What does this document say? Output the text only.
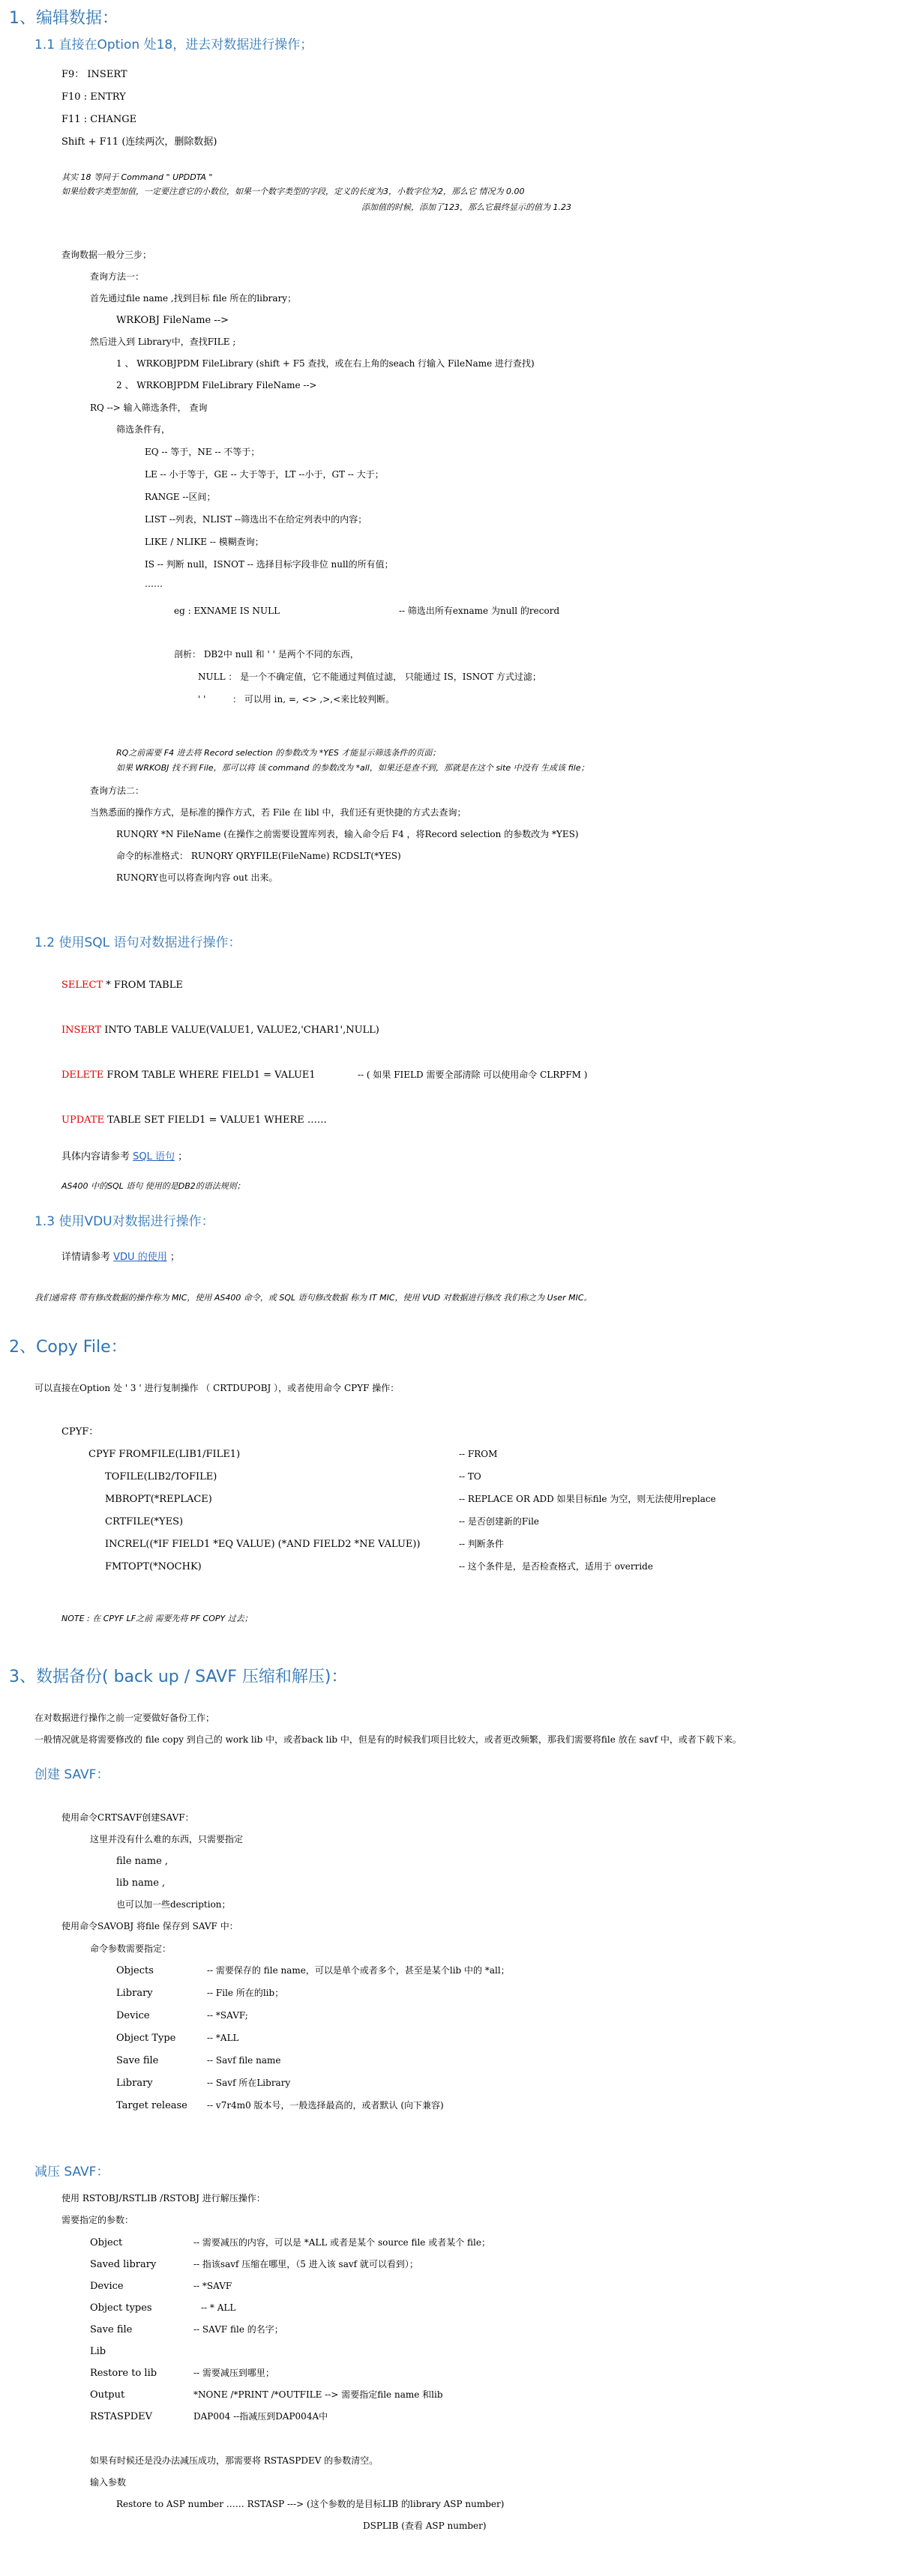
1、编辑数据：
1.1 直接在Option 处18，进去对数据进行操作；
F9： INSERT
F10 : ENTRY
F11 : CHANGE
Shift + F11 (连续两次，删除数据)
其实 18 等同于 Command " UPDDTA "
如果给数字类型加值，一定要注意它的小数位，如果一个数字类型的字段，定义的长度为3，小数字位为2，那么它 情况为 0.00
添加值的时候，添加了123，那么它最终显示的值为 1.23
查询数据一般分三步；
查询方法一：
首先通过file name ,找到目标 file 所在的library；
WRKOBJ FileName -->
然后进入到 Library中，查找FILE ;
1 、 WRKOBJPDM FileLibrary (shift + F5 查找，或在右上角的seach 行输入 FileName 进行查找)
2 、 WRKOBJPDM FileLibrary FileName -->
RQ --> 输入筛选条件， 查询
筛选条件有，
EQ -- 等于，NE -- 不等于；
LE -- 小于等于，GE -- 大于等于，LT --小于，GT -- 大于；
RANGE --区间；
LIST --列表，NLIST --筛选出不在给定列表中的内容；
LIKE / NLIKE -- 模糊查询；
IS -- 判断 null，ISNOT -- 选择目标字段非位 null的所有值；
……
eg : EXNAME IS NULL	-- 筛选出所有exname 为null 的record
剖析： DB2中 null 和 ' ' 是两个不同的东西，
NULL ： 是一个不确定值，它不能通过判值过滤， 只能通过 IS，ISNOT 方式过滤；
' '	： 可以用 in, =, <> ,>,<来比较判断。
RQ之前需要 F4 进去将 Record selection 的参数改为 *YES 才能显示筛选条件的页面；
如果 WRKOBJ 找不到 File，那可以将 该 command 的参数改为 *all，如果还是查不到，那就是在这个 site 中没有 生成该 file；
查询方法二：
当熟悉面的操作方式，是标准的操作方式，若 File 在 libl 中，我们还有更快捷的方式去查询；
RUNQRY *N FileName (在操作之前需要设置库列表，输入命令后 F4 ，将Record selection 的参数改为 *YES)
命令的标准格式： RUNQRY QRYFILE(FileName) RCDSLT(*YES)
RUNQRY也可以将查询内容 out 出来。
1.2 使用SQL 语句对数据进行操作：
SELECT * FROM TABLE
INSERT INTO TABLE VALUE(VALUE1, VALUE2,'CHAR1',NULL)
DELETE FROM TABLE WHERE FIELD1 = VALUE1	-- ( 如果 FIELD 需要全部清除 可以使用命令 CLRPFM )
UPDATE TABLE SET FIELD1 = VALUE1 WHERE ……
具体内容请参考 SQL 语句 ；
AS400 中的SQL 语句 使用的是DB2的语法规则；
1.3 使用VDU对数据进行操作：
详情请参考 VDU 的使用 ；
我们通常将 带有修改数据的操作称为 MIC，使用 AS400 命令，或 SQL 语句修改数据 称为 IT MIC，使用 VUD 对数据进行修改 我们称之为 User MIC。
2、Copy File：
可以直接在Option 处 ' 3 ' 进行复制操作 （ CRTDUPOBJ ），或者使用命令 CPYF 操作：
CPYF：
CPYF FROMFILE(LIB1/FILE1)	-- FROM
TOFILE(LIB2/TOFILE)	-- TO
MBROPT(*REPLACE)	-- REPLACE OR ADD 如果目标file 为空，则无法使用replace
CRTFILE(*YES)	-- 是否创建新的File
INCREL((*IF FIELD1 *EQ VALUE) (*AND FIELD2 *NE VALUE))	-- 判断条件
FMTOPT(*NOCHK)	-- 这个条件是，是否检查格式，适用于 override
NOTE : 在 CPYF LF之前 需要先将 PF COPY 过去；
3、数据备份( back up / SAVF 压缩和解压)：
在对数据进行操作之前一定要做好备份工作；
一般情况就是将需要修改的 file copy 到自己的 work lib 中，或者back lib 中，但是有的时候我们项目比较大，或者更改频繁，那我们需要将file 放在 savf 中，或者下载下来。
创建 SAVF：
使用命令CRTSAVF创建SAVF：
这里并没有什么难的东西，只需要指定
file name ,
lib name ,
也可以加一些description；
使用命令SAVOBJ 将file 保存到 SAVF 中：
命令参数需要指定：
Objects	-- 需要保存的 file name，可以是单个或者多个，甚至是某个lib 中的 *all；
Library	-- File 所在的lib；
Device	-- *SAVF;
Object Type	-- *ALL
Save file	-- Savf file name
Library	-- Savf 所在Library
Target release -- v7r4m0 版本号，一般选择最高的，或者默认 (向下兼容)
减压 SAVF：
使用 RSTOBJ/RSTLIB /RSTOBJ 进行解压操作：
需要指定的参数：
Object	-- 需要减压的内容，可以是 *ALL 或者是某个 source file 或者某个 file；
Saved library	-- 指该savf 压缩在哪里，（5 进入该 savf 就可以看到）；
Device	-- *SAVF
Object types	-- * ALL
Save file	-- SAVF file 的名字；
Lib
Restore to lib	-- 需要减压到哪里；
Output	*NONE /*PRINT /*OUTFILE --> 需要指定file name 和lib
RSTASPDEV	DAP004 --指减压到DAP004A中
如果有时候还是没办法减压成功，那需要将 RSTASPDEV 的参数清空。
输入参数
Restore to ASP number …… RSTASP ---> (这个参数的是目标LIB 的library ASP number)
DSPLIB (查看 ASP number)
